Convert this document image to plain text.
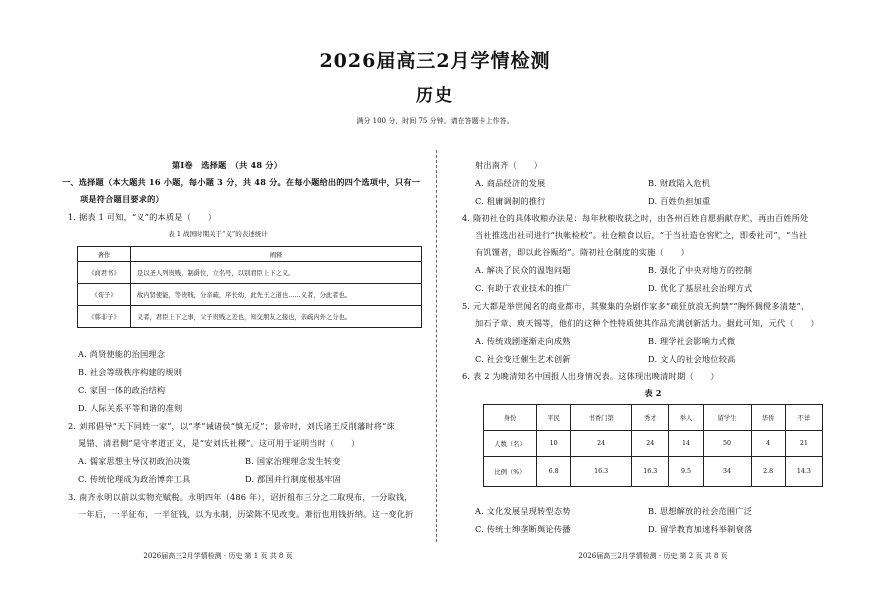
2026届高三2月学情检测
历史
满分 100 分，时间 75 分钟。请在答题卡上作答。
第Ⅰ卷　选择题　（共 48 分）
一、选择题（本大题共 16 小题，每小题 3 分，共 48 分。在每小题给出的四个选项中，只有一
项是符合题目要求的）
1. 据表 1 可知，“义”的本质是（　　）
表 1 战国时期关于“义”的表述统计
著作	阐释
《商君书》	是以圣人列贵贱，制爵位，立名号，以别君臣上下之义。
《荀子》	故内贤使能，等贵贱，分亲疏，序长幼，此先王之道也……义者，分此者也。
《韩非子》	义者，君臣上下之事，父子贵贱之差也，知交朋友之接也，亲疏内外之分也。
A. 尚贤使能的治国理念
B. 社会等级秩序构建的规则
C. 家国一体的政治结构
D. 人际关系平等和谐的准则
2. 刘邦倡导“天下同姓一家”，以“孝”诫诸侯“慎无反”；景帝时，刘氏诸王反削藩时将“诛
晁错、清君侧”是守孝道正义，是“安刘氏社稷”。这可用于证明当时（　　）
A. 儒家思想主导汉初政治决策	B. 国家治理理念发生转变
C. 传统伦理成为政治博弈工具	D. 郡国并行制度根基牢固
3. 南齐永明以前以实物充赋税。永明四年（486 年），诏折租布三分之二取现布，一分取钱，
一年后，一半征布，一半征钱，以为永制，历梁陈不见改变。萧衍也用钱折纳。这一变化折
2026届高三2月学情检测 · 历史 第 1 页 共 8 页
射出南齐（　　）
A. 商品经济的发展	B. 财政陷入危机
C. 租庸调制的推行	D. 百姓负担加重
4. 隋初社仓的具体收粮办法是：每年秋粮收获之时，由各州百姓自愿捐献存贮，再由百姓所处
当社推选出社司进行“执帐检校”。社仓粮食以后，“于当社造仓窖贮之，即委社司”，“当社
有饥馑者，即以此谷赈给”。隋初社仓制度的实施（　　）
A. 解决了民众的温饱问题	B. 强化了中央对地方的控制
C. 有助于农业技术的推广	D. 优化了基层社会治理方式
5. 元大都是举世闻名的商业都市，其聚集的杂剧作家多“疏狂放浪无拘禁”“胸怀倜傥多清楚”，
加石子章、庾天锡等，他们的这种个性特质使其作品充满创新活力。据此可知，元代（　　）
A. 传统戏剧逐渐走向成熟	B. 理学社会影响力式微
C. 社会变迁催生艺术创新	D. 文人的社会地位较高
6. 表 2 为晚清知名中国报人出身情况表。这体现出晚清时期（　　）
表 2
身份	平民	书香门第	秀才	举人	留学生	华侨	不详
人数（名）	10	24	24	14	50	4	21
比例（%）	6.8	16.3	16.3	9.5	34	2.8	14.3
A. 文化发展呈现转型态势	B. 思想解放的社会范围广泛
C. 传统士绅垄断舆论传播	D. 留学教育加速科举制衰落
2026届高三2月学情检测 · 历史 第 2 页 共 8 页
